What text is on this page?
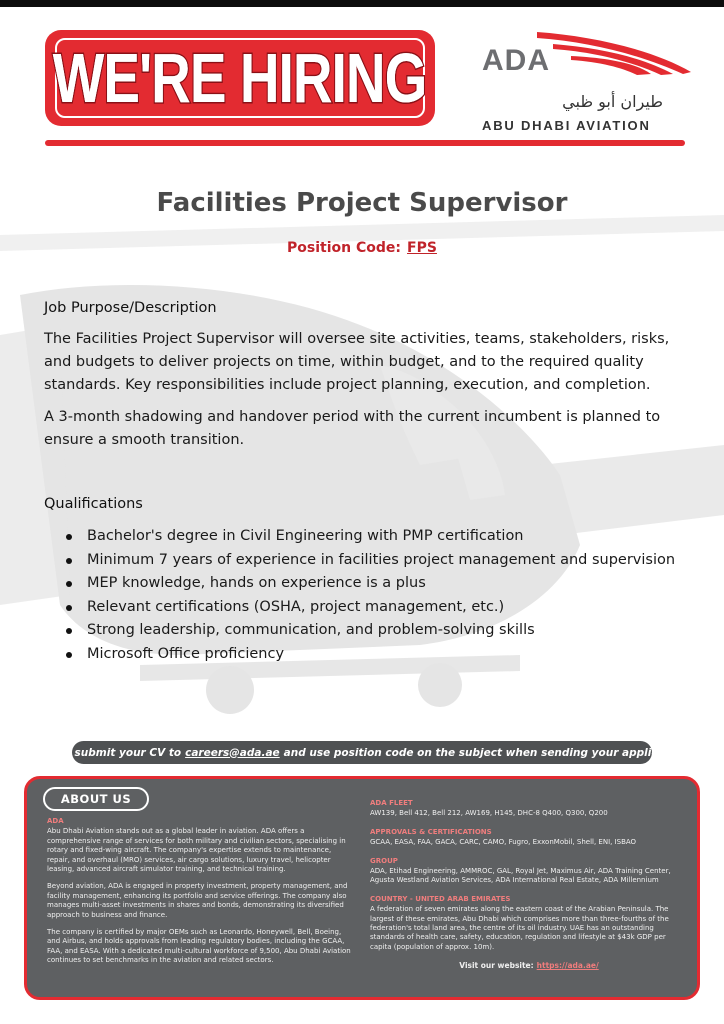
WE'RE HIRING ADA
طيران أبو ظبي
ABU DHABI AVIATION
Facilities Project Supervisor
Position Code: FPS
Job Purpose/Description

The Facilities Project Supervisor will oversee site activities, teams, stakeholders, risks, and budgets to deliver projects on time, within budget, and to the required quality standards. Key responsibilities include project planning, execution, and completion.

A 3-month shadowing and handover period with the current incumbent is planned to ensure a smooth transition.

Qualifications
Bachelor's degree in Civil Engineering with PMP certification
Minimum 7 years of experience in facilities project management and supervision
MEP knowledge, hands on experience is a plus
Relevant certifications (OSHA, project management, etc.)
Strong leadership, communication, and problem-solving skills
Microsoft Office proficiency
Please submit your CV to careers@ada.ae and use position code on the subject when sending your application.
ABOUT US
ADA
Abu Dhabi Aviation stands out as a global leader in aviation. ADA offers a comprehensive range of services for both military and civilian sectors, specialising in rotary and fixed-wing aircraft. The company's expertise extends to maintenance, repair, and overhaul (MRO) services, air cargo solutions, luxury travel, helicopter leasing, advanced aircraft simulator training, and technical training.
Beyond aviation, ADA is engaged in property investment, property management, and facility management, enhancing its portfolio and service offerings. The company also manages multi-asset investments in shares and bonds, demonstrating its diversified approach to business and finance.
The company is certified by major OEMs such as Leonardo, Honeywell, Bell, Boeing, and Airbus, and holds approvals from leading regulatory bodies, including the GCAA, FAA, and EASA. With a dedicated multi-cultural workforce of 9,500, Abu Dhabi Aviation continues to set benchmarks in the aviation and related sectors.
ADA FLEET
AW139, Bell 412, Bell 212, AW169, H145, DHC-8 Q400, Q300, Q200
APPROVALS & CERTIFICATIONS
GCAA, EASA, FAA, GACA, CARC, CAMO, Fugro, ExxonMobil, Shell, ENI, ISBAO
GROUP
ADA, Etihad Engineering, AMMROC, GAL, Royal Jet, Maximus Air, ADA Training Center, Agusta Westland Aviation Services, ADA International Real Estate, ADA Millennium
COUNTRY - UNITED ARAB EMIRATES
A federation of seven emirates along the eastern coast of the Arabian Peninsula. The largest of these emirates, Abu Dhabi which comprises more than three-fourths of the federation's total land area, the centre of its oil industry. UAE has an outstanding standards of health care, safety, education, regulation and lifestyle at $43k GDP per capita (population of approx. 10m).
Visit our website: https://ada.ae/
